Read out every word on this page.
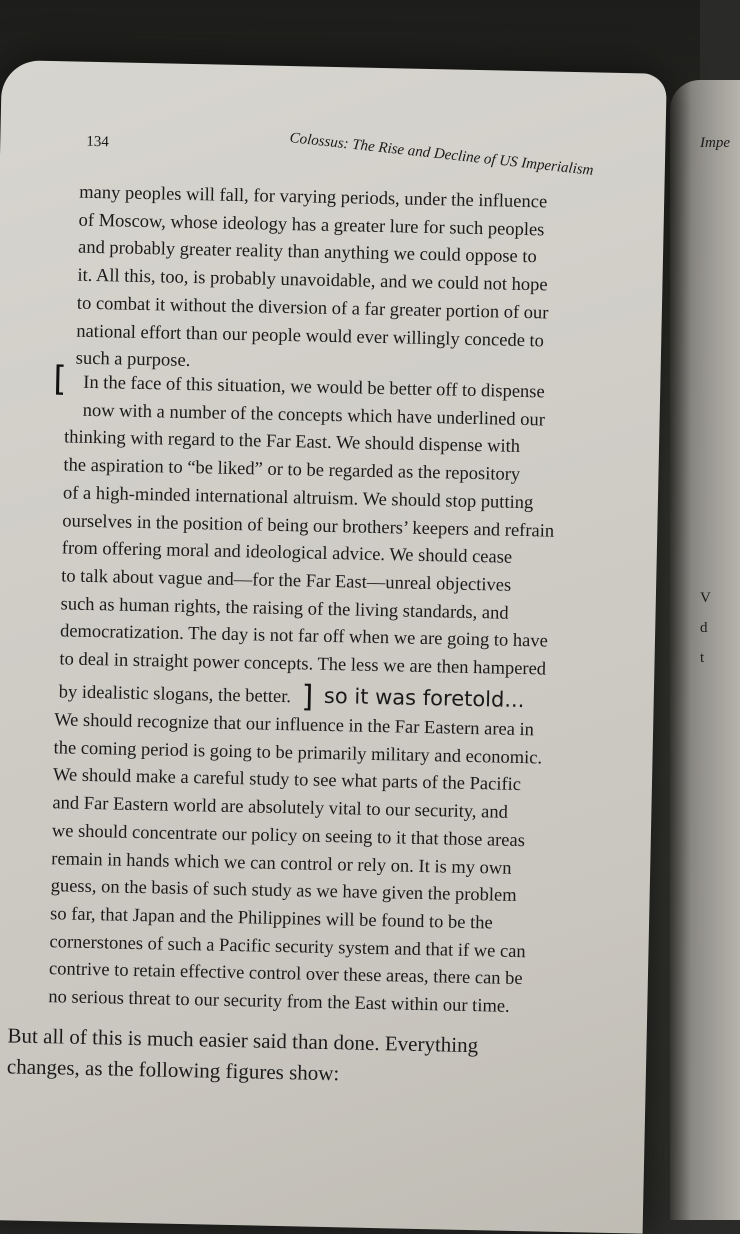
Impe
V
d
t
134	Colossus: The Rise and Decline of US Imperialism
many peoples will fall, for varying periods, under the influence
of Moscow, whose ideology has a greater lure for such peoples
and probably greater reality than anything we could oppose to
it. All this, too, is probably unavoidable, and we could not hope
to combat it without the diversion of a far greater portion of our
national effort than our people would ever willingly concede to
such a purpose.
[ In the face of this situation, we would be better off to dispense
now with a number of the concepts which have underlined our
thinking with regard to the Far East. We should dispense with
the aspiration to “be liked” or to be regarded as the repository
of a high-minded international altruism. We should stop putting
ourselves in the position of being our brothers’ keepers and refrain
from offering moral and ideological advice. We should cease
to talk about vague and—for the Far East—unreal objectives
such as human rights, the raising of the living standards, and
democratization. The day is not far off when we are going to have
to deal in straight power concepts. The less we are then hampered
by idealistic slogans, the better. ] so it was foretold...
We should recognize that our influence in the Far Eastern area in
the coming period is going to be primarily military and economic.
We should make a careful study to see what parts of the Pacific
and Far Eastern world are absolutely vital to our security, and
we should concentrate our policy on seeing to it that those areas
remain in hands which we can control or rely on. It is my own
guess, on the basis of such study as we have given the problem
so far, that Japan and the Philippines will be found to be the
cornerstones of such a Pacific security system and that if we can
contrive to retain effective control over these areas, there can be
no serious threat to our security from the East within our time.
But all of this is much easier said than done. Everything
changes, as the following figures show:
